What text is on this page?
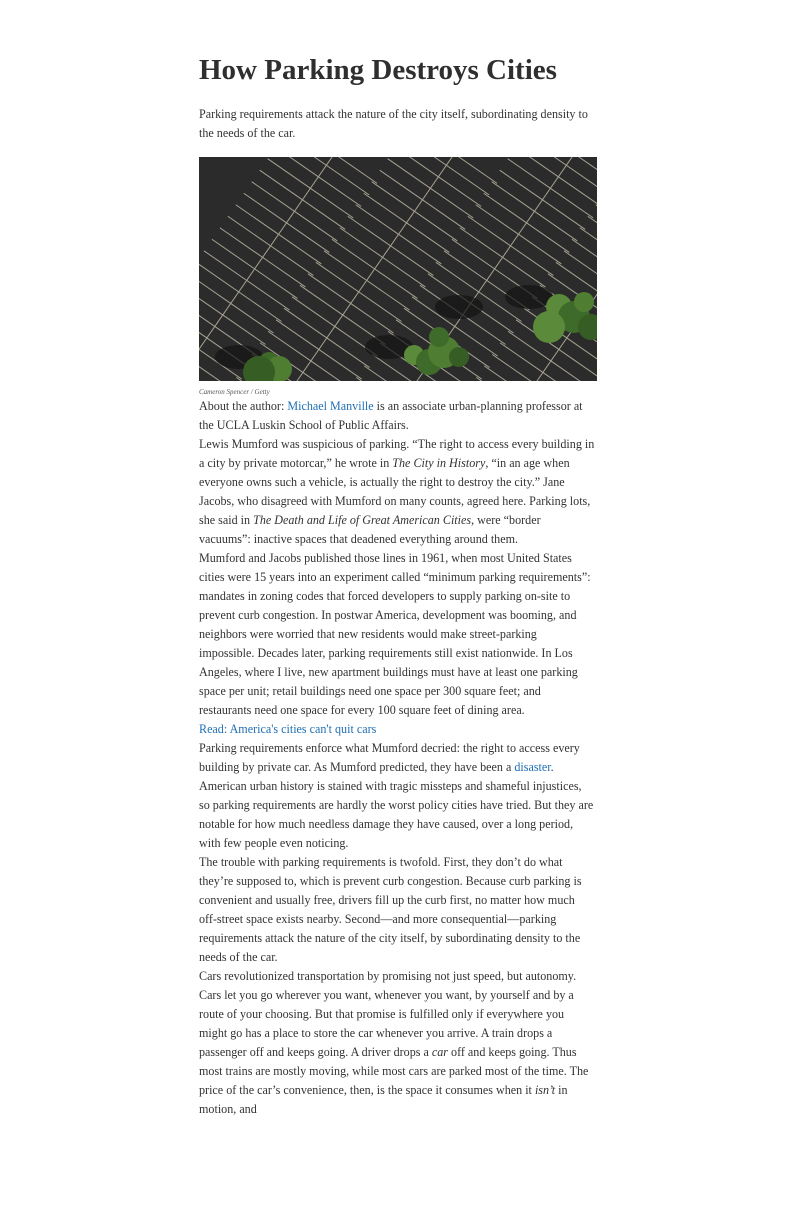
How Parking Destroys Cities

Parking requirements attack the nature of the city itself, subordinating density to the needs of the car.

Cameron Spencer / Getty

About the author: Michael Manville is an associate urban-planning professor at the UCLA Luskin School of Public Affairs.

Lewis Mumford was suspicious of parking. “The right to access every building in a city by private motorcar,” he wrote in The City in History, “in an age when everyone owns such a vehicle, is actually the right to destroy the city.” Jane Jacobs, who disagreed with Mumford on many counts, agreed here. Parking lots, she said in The Death and Life of Great American Cities, were “border vacuums”: inactive spaces that deadened everything around them.

Mumford and Jacobs published those lines in 1961, when most United States cities were 15 years into an experiment called “minimum parking requirements”: mandates in zoning codes that forced developers to supply parking on-site to prevent curb congestion. In postwar America, development was booming, and neighbors were worried that new residents would make street-parking impossible. Decades later, parking requirements still exist nationwide. In Los Angeles, where I live, new apartment buildings must have at least one parking space per unit; retail buildings need one space per 300 square feet; and restaurants need one space for every 100 square feet of dining area.

Read: America's cities can't quit cars

Parking requirements enforce what Mumford decried: the right to access every building by private car. As Mumford predicted, they have been a disaster. American urban history is stained with tragic missteps and shameful injustices, so parking requirements are hardly the worst policy cities have tried. But they are notable for how much needless damage they have caused, over a long period, with few people even noticing.

The trouble with parking requirements is twofold. First, they don’t do what they’re supposed to, which is prevent curb congestion. Because curb parking is convenient and usually free, drivers fill up the curb first, no matter how much off-street space exists nearby. Second—and more consequential—parking requirements attack the nature of the city itself, by subordinating density to the needs of the car.

Cars revolutionized transportation by promising not just speed, but autonomy. Cars let you go wherever you want, whenever you want, by yourself and by a route of your choosing. But that promise is fulfilled only if everywhere you might go has a place to store the car whenever you arrive. A train drops a passenger off and keeps going. A driver drops a car off and keeps going. Thus most trains are mostly moving, while most cars are parked most of the time. The price of the car’s convenience, then, is the space it consumes when it isn’t in motion, and
